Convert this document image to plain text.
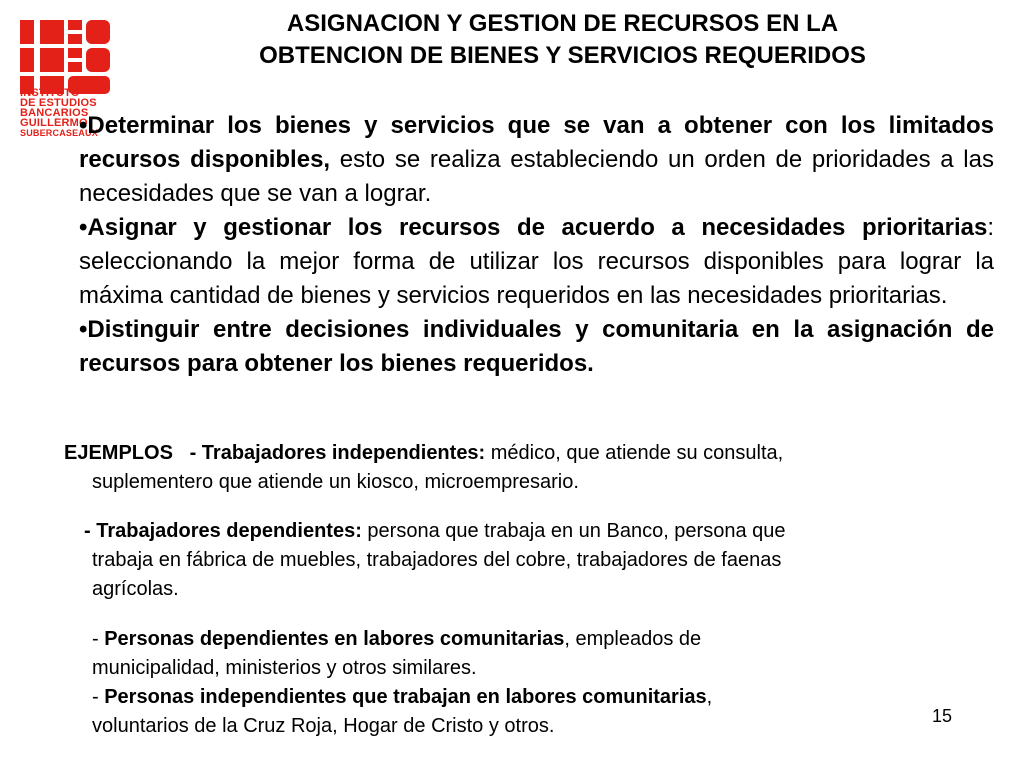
INSTITUTO
DE ESTUDIOS
BANCARIOS
GUILLERMO
SUBERCASEAUX
ASIGNACION Y GESTION DE RECURSOS EN LA
OBTENCION DE BIENES Y SERVICIOS REQUERIDOS

•Determinar los bienes y servicios que se van a obtener con los limitados recursos disponibles, esto se realiza estableciendo un orden de prioridades a las necesidades que se van a lograr.

•Asignar y gestionar los recursos de acuerdo a necesidades prioritarias: seleccionando la mejor forma de utilizar los recursos disponibles para lograr la máxima cantidad de bienes y servicios requeridos en las necesidades prioritarias.

•Distinguir entre decisiones individuales y comunitaria en la asignación de recursos para obtener los bienes requeridos.

EJEMPLOS - Trabajadores independientes: médico, que atiende su consulta,

suplementero que atiende un kiosco, microempresario.

- Trabajadores dependientes: persona que trabaja en un Banco, persona que

trabaja en fábrica de muebles, trabajadores del cobre, trabajadores de faenas

agrícolas.

- Personas dependientes en labores comunitarias, empleados de

municipalidad, ministerios y otros similares.

- Personas independientes que trabajan en labores comunitarias,

voluntarios de la Cruz Roja, Hogar de Cristo y otros.	15
